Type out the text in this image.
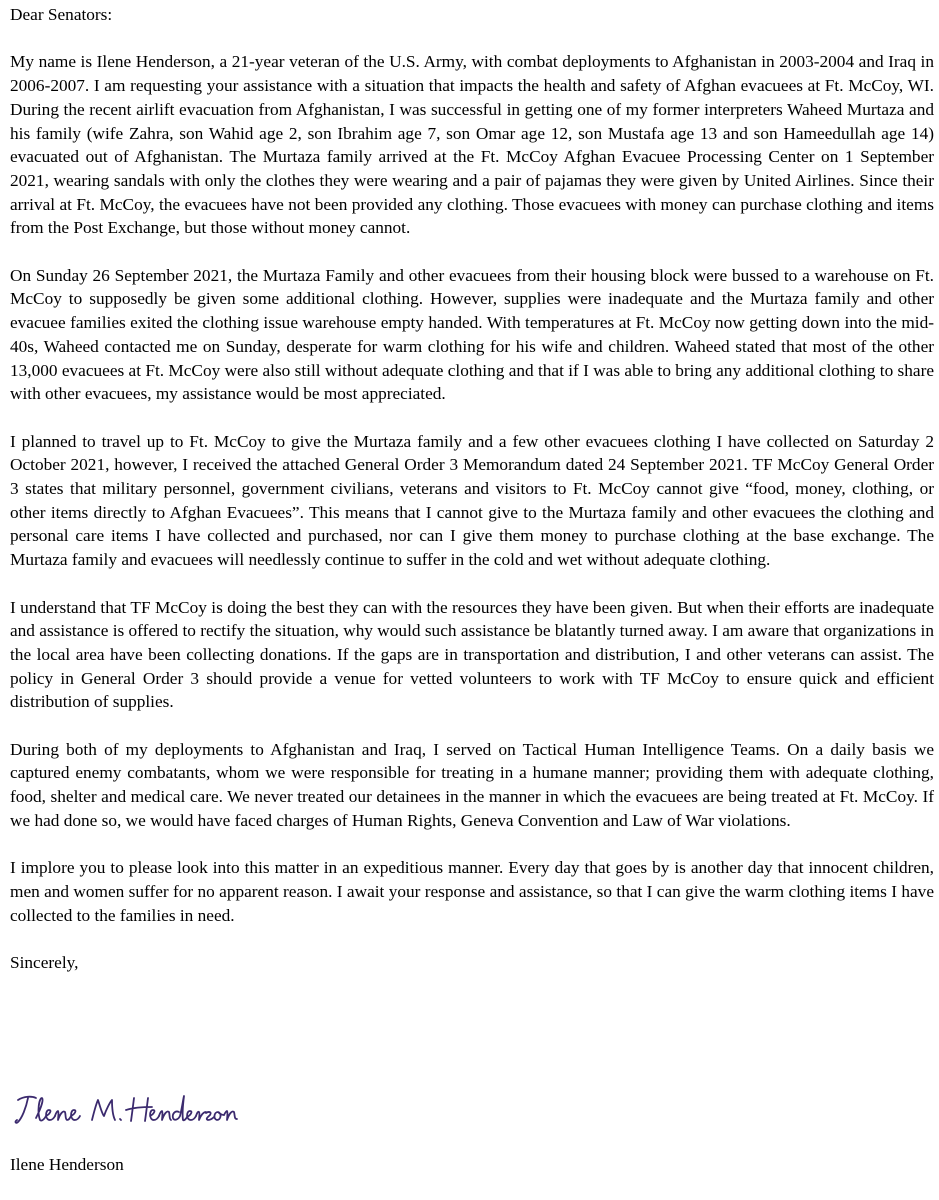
Dear Senators:

My name is Ilene Henderson, a 21-year veteran of the U.S. Army, with combat deployments to Afghanistan in 2003-2004 and Iraq in 2006-2007. I am requesting your assistance with a situation that impacts the health and safety of Afghan evacuees at Ft. McCoy, WI. During the recent airlift evacuation from Afghanistan, I was successful in getting one of my former interpreters Waheed Murtaza and his family (wife Zahra, son Wahid age 2, son Ibrahim age 7, son Omar age 12, son Mustafa age 13 and son Hameedullah age 14) evacuated out of Afghanistan. The Murtaza family arrived at the Ft. McCoy Afghan Evacuee Processing Center on 1 September 2021, wearing sandals with only the clothes they were wearing and a pair of pajamas they were given by United Airlines. Since their arrival at Ft. McCoy, the evacuees have not been provided any clothing. Those evacuees with money can purchase clothing and items from the Post Exchange, but those without money cannot.

On Sunday 26 September 2021, the Murtaza Family and other evacuees from their housing block were bussed to a warehouse on Ft. McCoy to supposedly be given some additional clothing. However, supplies were inadequate and the Murtaza family and other evacuee families exited the clothing issue warehouse empty handed. With temperatures at Ft. McCoy now getting down into the mid-40s, Waheed contacted me on Sunday, desperate for warm clothing for his wife and children. Waheed stated that most of the other 13,000 evacuees at Ft. McCoy were also still without adequate clothing and that if I was able to bring any additional clothing to share with other evacuees, my assistance would be most appreciated.

I planned to travel up to Ft. McCoy to give the Murtaza family and a few other evacuees clothing I have collected on Saturday 2 October 2021, however, I received the attached General Order 3 Memorandum dated 24 September 2021. TF McCoy General Order 3 states that military personnel, government civilians, veterans and visitors to Ft. McCoy cannot give “food, money, clothing, or other items directly to Afghan Evacuees”. This means that I cannot give to the Murtaza family and other evacuees the clothing and personal care items I have collected and purchased, nor can I give them money to purchase clothing at the base exchange. The Murtaza family and evacuees will needlessly continue to suffer in the cold and wet without adequate clothing.

I understand that TF McCoy is doing the best they can with the resources they have been given. But when their efforts are inadequate and assistance is offered to rectify the situation, why would such assistance be blatantly turned away. I am aware that organizations in the local area have been collecting donations. If the gaps are in transportation and distribution, I and other veterans can assist. The policy in General Order 3 should provide a venue for vetted volunteers to work with TF McCoy to ensure quick and efficient distribution of supplies.

During both of my deployments to Afghanistan and Iraq, I served on Tactical Human Intelligence Teams. On a daily basis we captured enemy combatants, whom we were responsible for treating in a humane manner; providing them with adequate clothing, food, shelter and medical care. We never treated our detainees in the manner in which the evacuees are being treated at Ft. McCoy. If we had done so, we would have faced charges of Human Rights, Geneva Convention and Law of War violations.

I implore you to please look into this matter in an expeditious manner. Every day that goes by is another day that innocent children, men and women suffer for no apparent reason. I await your response and assistance, so that I can give the warm clothing items I have collected to the families in need.

Sincerely,

Ilene Henderson
